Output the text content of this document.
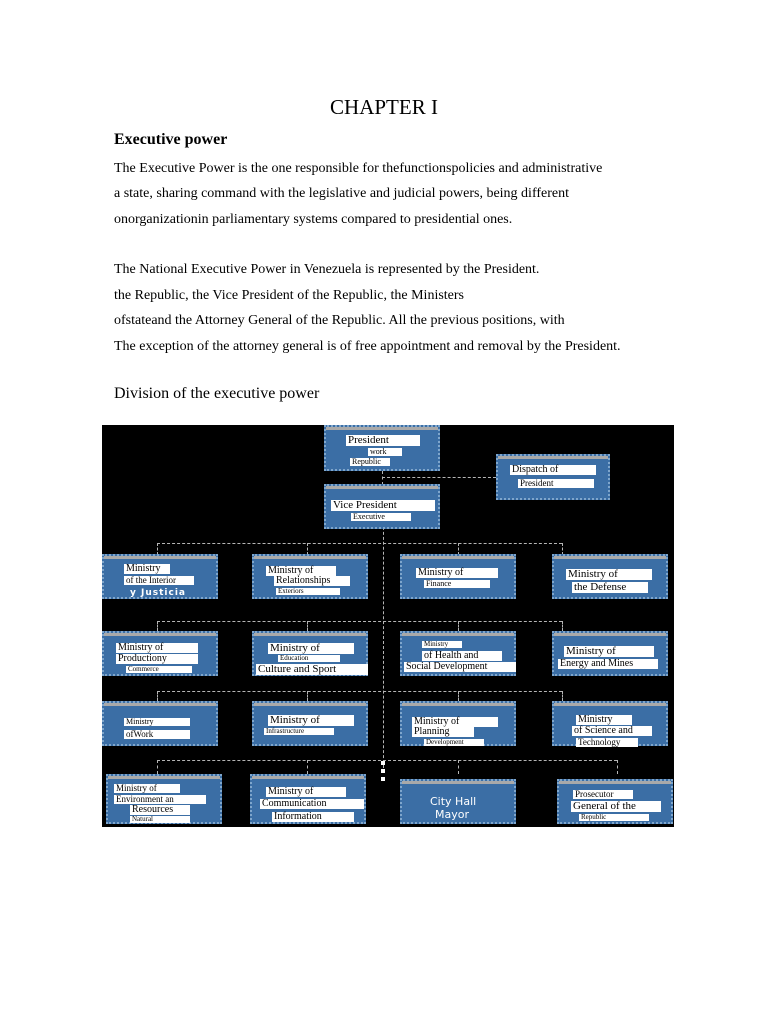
CHAPTER I
Executive power
The Executive Power is the one responsible for thefunctionspolicies and administrative
a state, sharing command with the legislative and judicial powers, being different
onorganizationin parliamentary systems compared to presidential ones.
The National Executive Power in Venezuela is represented by the President.
the Republic, the Vice President of the Republic, the Ministers
ofstateand the Attorney General of the Republic. All the previous positions, with
The exception of the attorney general is of free appointment and removal by the President.
Division of the executive power
President
work
Republic
Dispatch of
President
Vice President
Executive
Ministry
of the Interior
y Justicia
Ministry of
Relationships
Exteriors
Ministry of
Finance
Ministry of
the Defense
Ministry of
Productiony
Commerce
Ministry of
Education
Culture and Sport
Ministry
of Health and
Social Development
Ministry of
Energy and Mines
Ministry
ofWork
Ministry of
Infrastructure
Ministry of
Planning
Development
Ministry
of Science and
Technology
Ministry of
Environment an
Resources
Natural
Ministry of
Communication
Information
City Hall
Mayor
Prosecutor
General of the
Republic
